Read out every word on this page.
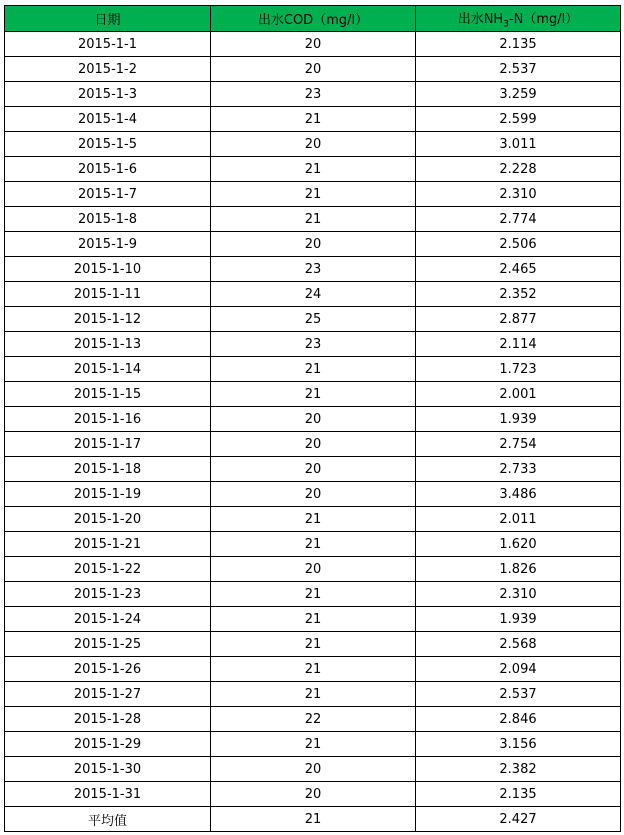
日期	出水COD（mg/l）	出水$NH_3-N(mg/l)$
2015-1-1	20	2.135
2015-1-2	20	2.537
2015-1-3	23	3.259
2015-1-4	21	2.599
2015-1-5	20	3.011
2015-1-6	21	2.228
2015-1-7	21	2.310
2015-1-8	21	2.774
2015-1-9	20	2.506
2015-1-10	23	2.465
2015-1-11	24	2.352
2015-1-12	25	2.877
2015-1-13	23	2.114
2015-1-14	21	1.723
2015-1-15	21	2.001
2015-1-16	20	1.939
2015-1-17	20	2.754
2015-1-18	20	2.733
2015-1-19	20	3.486
2015-1-20	21	2.011
2015-1-21	21	1.620
2015-1-22	20	1.826
2015-1-23	21	2.310
2015-1-24	21	1.939
2015-1-25	21	2.568
2015-1-26	21	2.094
2015-1-27	21	2.537
2015-1-28	22	2.846
2015-1-29	21	3.156
2015-1-30	20	2.382
2015-1-31	20	2.135
平均值	21	2.427
